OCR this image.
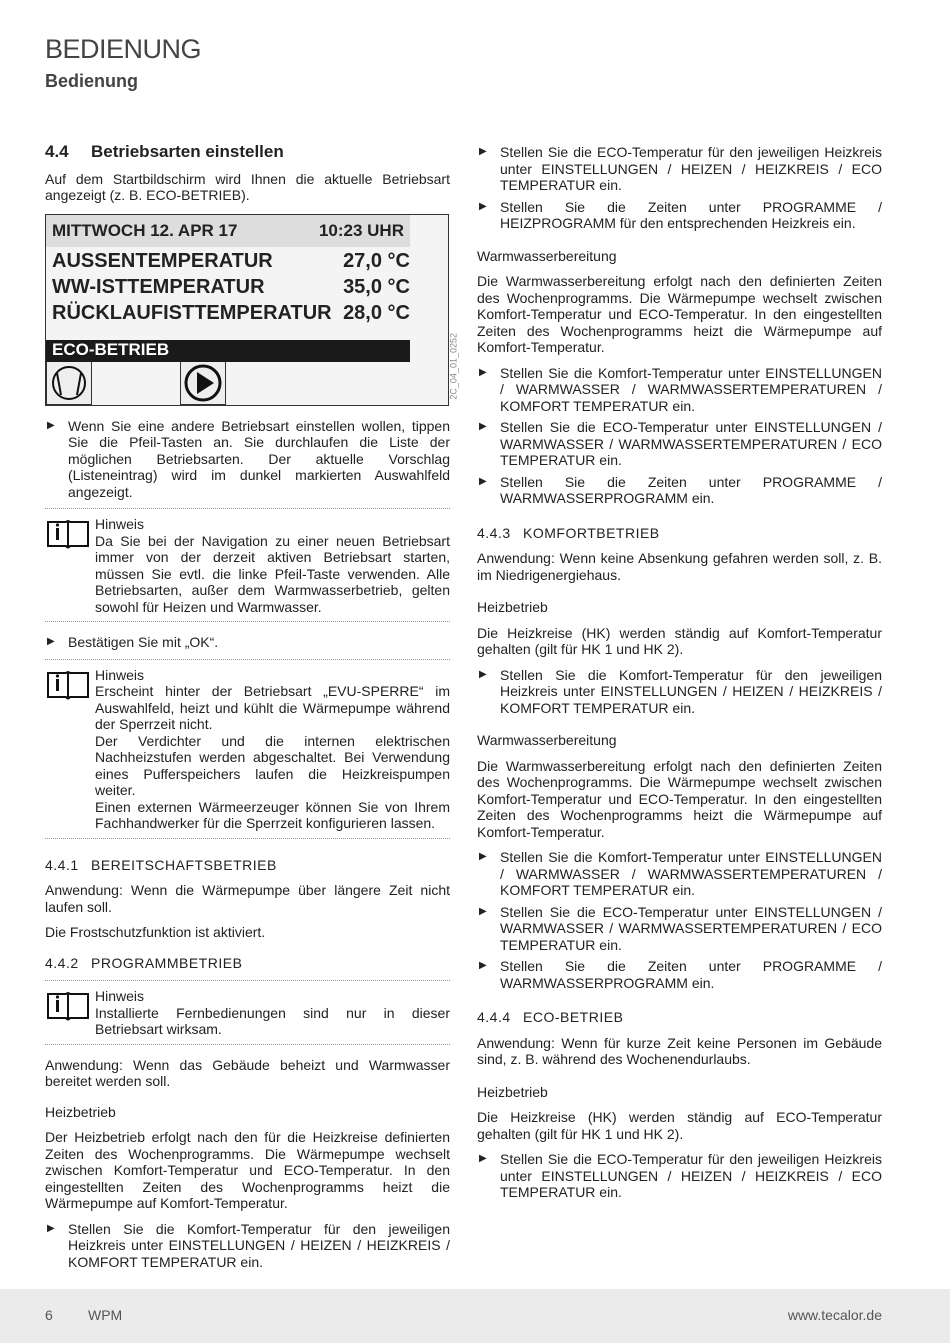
BEDIENUNG
Bedienung
4.4 Betriebsarten einstellen

Auf dem Startbildschirm wird Ihnen die aktuelle Betriebsart angezeigt (z. B. ECO-BETRIEB).

MITTWOCH 12. APR 17	10:23 UHR
AUSSENTEMPERATUR	27,0 °C
WW-ISTTEMPERATUR	35,0 °C
RÜCKLAUFISTTEMPERATUR 28,0 °C
ECO-BETRIEB	2C_04_01_0252
▶ Wenn Sie eine andere Betriebsart einstellen wollen, tippen Sie die Pfeil-Tasten an. Sie durchlaufen die Liste der möglichen Betriebsarten. Der aktuelle Vorschlag (Listeneintrag) wird im dunkel markierten Auswahlfeld angezeigt.
Hinweis
Da Sie bei der Navigation zu einer neuen Betriebsart immer von der derzeit aktiven Betriebsart starten, müssen Sie evtl. die linke Pfeil-Taste verwenden. Alle Betriebsarten, außer dem Warmwasserbetrieb, gelten sowohl für Heizen und Warmwasser.
▶ Bestätigen Sie mit „OK“.
Hinweis
Erscheint hinter der Betriebsart „EVU-SPERRE“ im Auswahlfeld, heizt und kühlt die Wärmepumpe während der Sperrzeit nicht.
Der Verdichter und die internen elektrischen Nachheizstufen werden abgeschaltet. Bei Verwendung eines Pufferspeichers laufen die Heizkreispumpen weiter.
Einen externen Wärmeerzeuger können Sie von Ihrem Fachhandwerker für die Sperrzeit konfigurieren lassen.
4.4.1 BEREITSCHAFTSBETRIEB

Anwendung: Wenn die Wärmepumpe über längere Zeit nicht laufen soll.

Die Frostschutzfunktion ist aktiviert.

4.4.2 PROGRAMMBETRIEB
Hinweis
Installierte Fernbedienungen sind nur in dieser Betriebsart wirksam.

Anwendung: Wenn das Gebäude beheizt und Warmwasser bereitet werden soll.

Heizbetrieb

Der Heizbetrieb erfolgt nach den für die Heizkreise definierten Zeiten des Wochenprogramms. Die Wärmepumpe wechselt zwischen Komfort-Temperatur und ECO-Temperatur. In den eingestellten Zeiten des Wochenprogramms heizt die Wärmepumpe auf Komfort-Temperatur.

▶ Stellen Sie die Komfort-Temperatur für den jeweiligen Heizkreis unter EINSTELLUNGEN / HEIZEN / HEIZKREIS / KOMFORT TEMPERATUR ein.
▶ Stellen Sie die ECO-Temperatur für den jeweiligen Heizkreis unter EINSTELLUNGEN / HEIZEN / HEIZKREIS / ECO TEMPERATUR ein.
▶ Stellen Sie die Zeiten unter PROGRAMME / HEIZPROGRAMM für den entsprechenden Heizkreis ein.
Warmwasserbereitung

Die Warmwasserbereitung erfolgt nach den definierten Zeiten des Wochenprogramms. Die Wärmepumpe wechselt zwischen Komfort-Temperatur und ECO-Temperatur. In den eingestellten Zeiten des Wochenprogramms heizt die Wärmepumpe auf Komfort-Temperatur.

▶ Stellen Sie die Komfort-Temperatur unter EINSTELLUNGEN / WARMWASSER / WARMWASSERTEMPERATUREN / KOMFORT TEMPERATUR ein.
▶ Stellen Sie die ECO-Temperatur unter EINSTELLUNGEN / WARMWASSER / WARMWASSERTEMPERATUREN / ECO TEMPERATUR ein.
▶ Stellen Sie die Zeiten unter PROGRAMME / WARMWASSERPROGRAMM ein.
4.4.3 KOMFORTBETRIEB

Anwendung: Wenn keine Absenkung gefahren werden soll, z. B. im Niedrigenergiehaus.

Heizbetrieb

Die Heizkreise (HK) werden ständig auf Komfort-Temperatur gehalten (gilt für HK 1 und HK 2).

▶ Stellen Sie die Komfort-Temperatur für den jeweiligen Heizkreis unter EINSTELLUNGEN / HEIZEN / HEIZKREIS / KOMFORT TEMPERATUR ein.
Warmwasserbereitung

Die Warmwasserbereitung erfolgt nach den definierten Zeiten des Wochenprogramms. Die Wärmepumpe wechselt zwischen Komfort-Temperatur und ECO-Temperatur. In den eingestellten Zeiten des Wochenprogramms heizt die Wärmepumpe auf Komfort-Temperatur.

▶ Stellen Sie die Komfort-Temperatur unter EINSTELLUNGEN / WARMWASSER / WARMWASSERTEMPERATUREN / KOMFORT TEMPERATUR ein.
▶ Stellen Sie die ECO-Temperatur unter EINSTELLUNGEN / WARMWASSER / WARMWASSERTEMPERATUREN / ECO TEMPERATUR ein.
▶ Stellen Sie die Zeiten unter PROGRAMME / WARMWASSERPROGRAMM ein.
4.4.4 ECO-BETRIEB

Anwendung: Wenn für kurze Zeit keine Personen im Gebäude sind, z. B. während des Wochenendurlaubs.

Heizbetrieb

Die Heizkreise (HK) werden ständig auf ECO-Temperatur gehalten (gilt für HK 1 und HK 2).

▶ Stellen Sie die ECO-Temperatur für den jeweiligen Heizkreis unter EINSTELLUNGEN / HEIZEN / HEIZKREIS / ECO TEMPERATUR ein.
6	WPM	www.tecalor.de
